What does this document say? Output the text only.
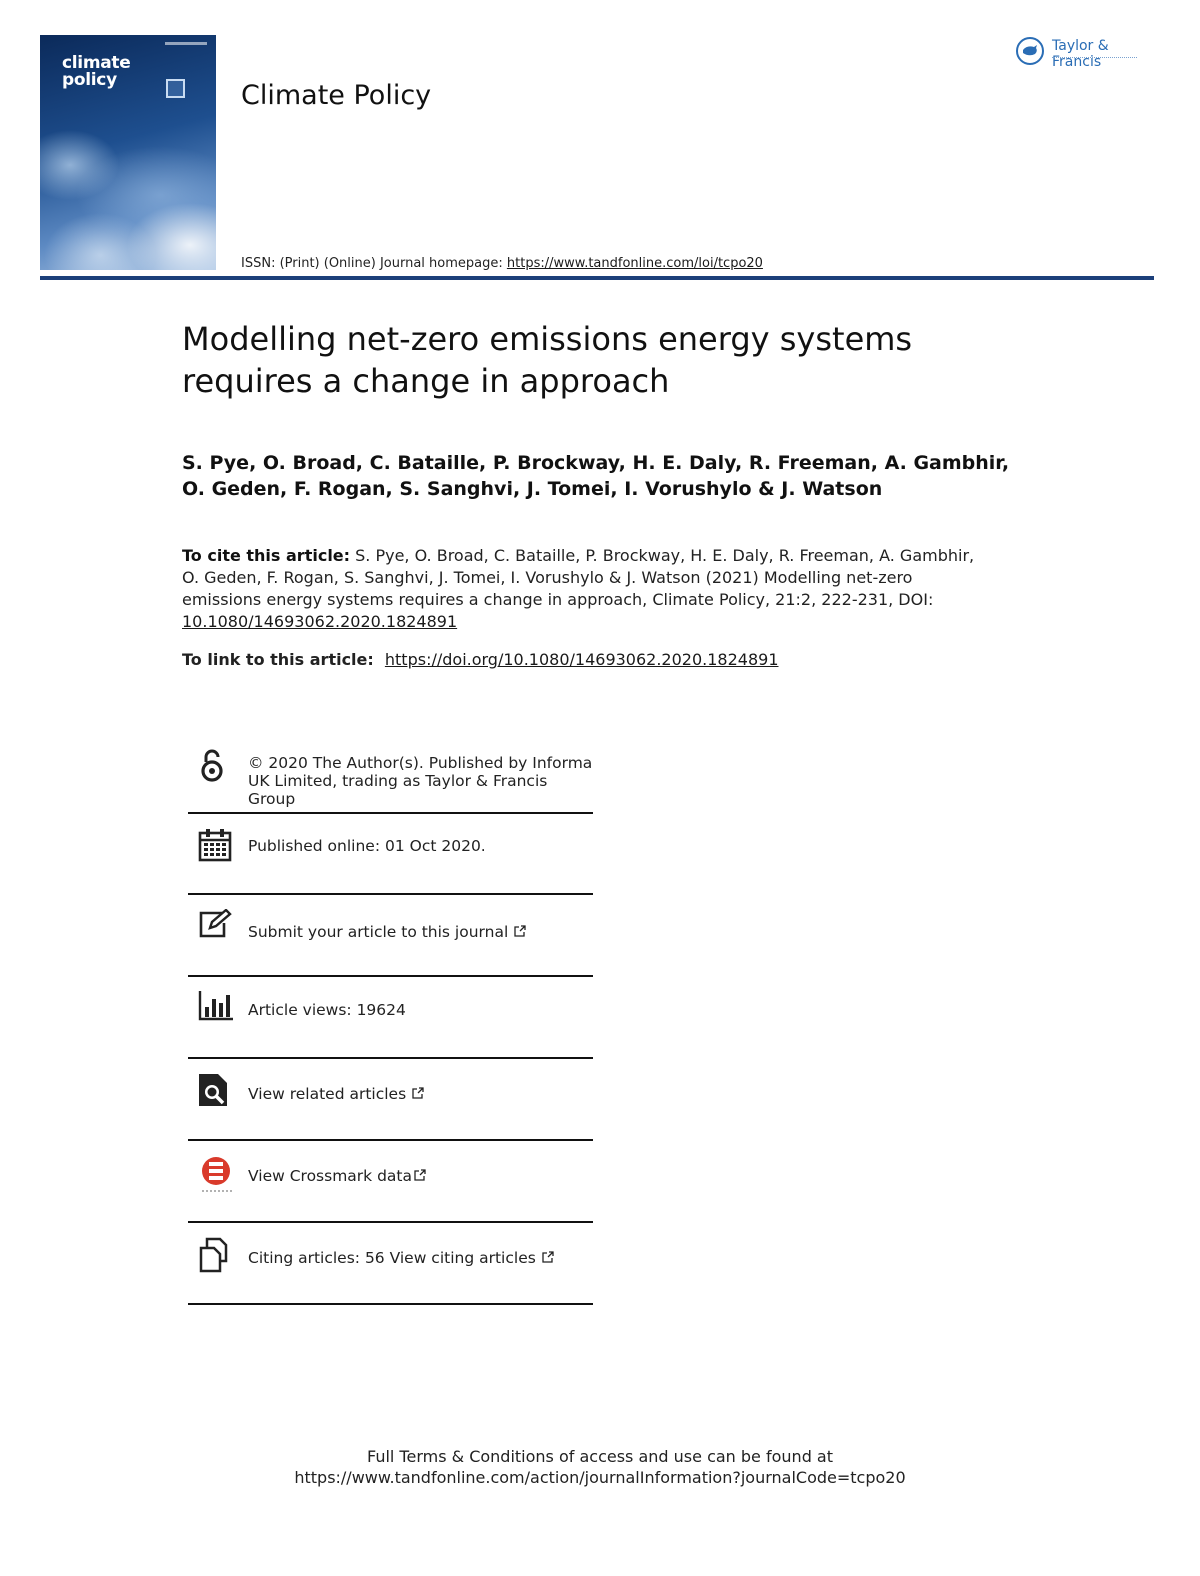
climate
policy	Climate Policy
ISSN: (Print) (Online) Journal homepage: https://www.tandfonline.com/loi/tcpo20
Taylor & Francis
Modelling net-zero emissions energy systems
requires a change in approach
S. Pye, O. Broad, C. Bataille, P. Brockway, H. E. Daly, R. Freeman, A. Gambhir,
O. Geden, F. Rogan, S. Sanghvi, J. Tomei, I. Vorushylo & J. Watson
To cite this article: S. Pye, O. Broad, C. Bataille, P. Brockway, H. E. Daly, R. Freeman, A. Gambhir,
O. Geden, F. Rogan, S. Sanghvi, J. Tomei, I. Vorushylo & J. Watson (2021) Modelling net-zero
emissions energy systems requires a change in approach, Climate Policy, 21:2, 222-231, DOI:
10.1080/14693062.2020.1824891
To link to this article: https://doi.org/10.1080/14693062.2020.1824891
© 2020 The Author(s). Published by Informa
UK Limited, trading as Taylor & Francis
Group
Published online: 01 Oct 2020.
Submit your article to this journal
Article views: 19624
View related articles
View Crossmark data
Citing articles: 56 View citing articles
Full Terms & Conditions of access and use can be found at
https://www.tandfonline.com/action/journalInformation?journalCode=tcpo20
